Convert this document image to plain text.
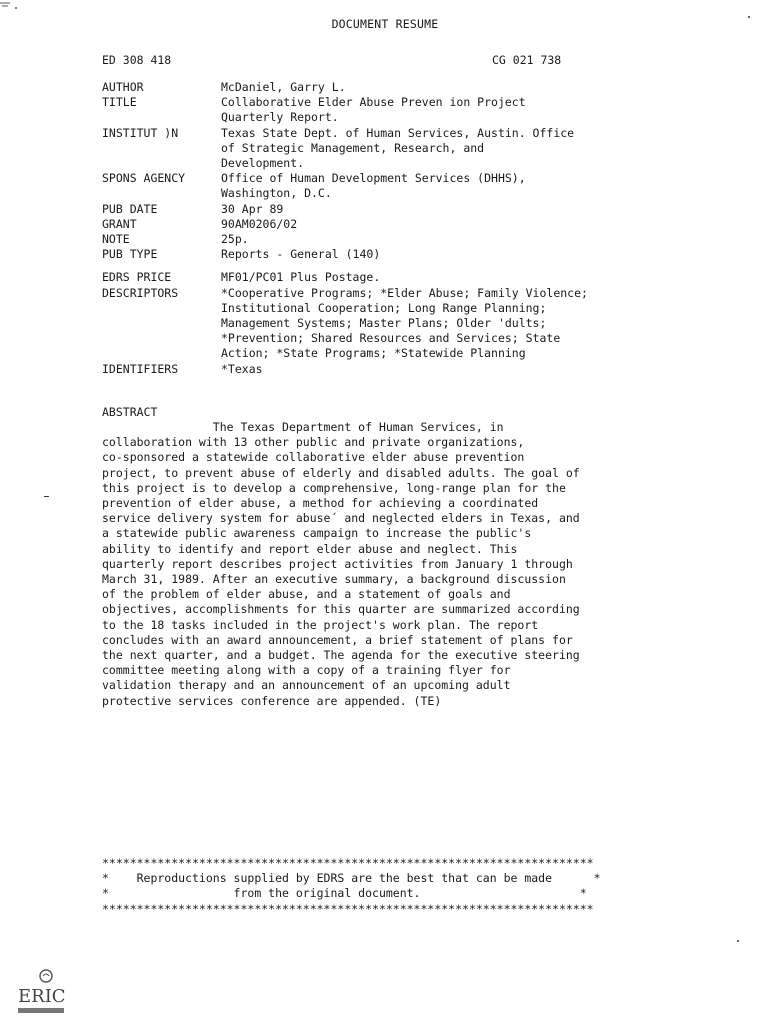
DOCUMENT RESUME
ED 308 418	CG 021 738
AUTHOR	McDaniel, Garry L.
TITLE	Collaborative Elder Abuse Preven ion Project
Quarterly Report.
INSTITUT )N	Texas State Dept. of Human Services, Austin. Office
of Strategic Management, Research, and
Development.
SPONS AGENCY	Office of Human Development Services (DHHS),
Washington, D.C.
PUB DATE	30 Apr 89
GRANT	90AM0206/02
NOTE	25p.
PUB TYPE	Reports - General (140)
EDRS PRICE	MF01/PC01 Plus Postage.
DESCRIPTORS	*Cooperative Programs; *Elder Abuse; Family Violence;
Institutional Cooperation; Long Range Planning;
Management Systems; Master Plans; Older 'dults;
*Prevention; Shared Resources and Services; State
Action; *State Programs; *Statewide Planning
IDENTIFIERS	*Texas
ABSTRACT
The Texas Department of Human Services, in
collaboration with 13 other public and private organizations,
co-sponsored a statewide collaborative elder abuse prevention
project, to prevent abuse of elderly and disabled adults. The goal of
this project is to develop a comprehensive, long-range plan for the
prevention of elder abuse, a method for achieving a coordinated
service delivery system for abuse´ and neglected elders in Texas, and
a statewide public awareness campaign to increase the public's
ability to identify and report elder abuse and neglect. This
quarterly report describes project activities from January 1 through
March 31, 1989. After an executive summary, a background discussion
of the problem of elder abuse, and a statement of goals and
objectives, accomplishments for this quarter are summarized according
to the 18 tasks included in the project's work plan. The report
concludes with an award announcement, a brief statement of plans for
the next quarter, and a budget. The agenda for the executive steering
committee meeting along with a copy of a training flyer for
validation therapy and an announcement of an upcoming adult
protective services conference are appended. (TE)
***********************************************************************
*    Reproductions supplied by EDRS are the best that can be made      *
*                  from the original document.                       *
***********************************************************************
ERIC
